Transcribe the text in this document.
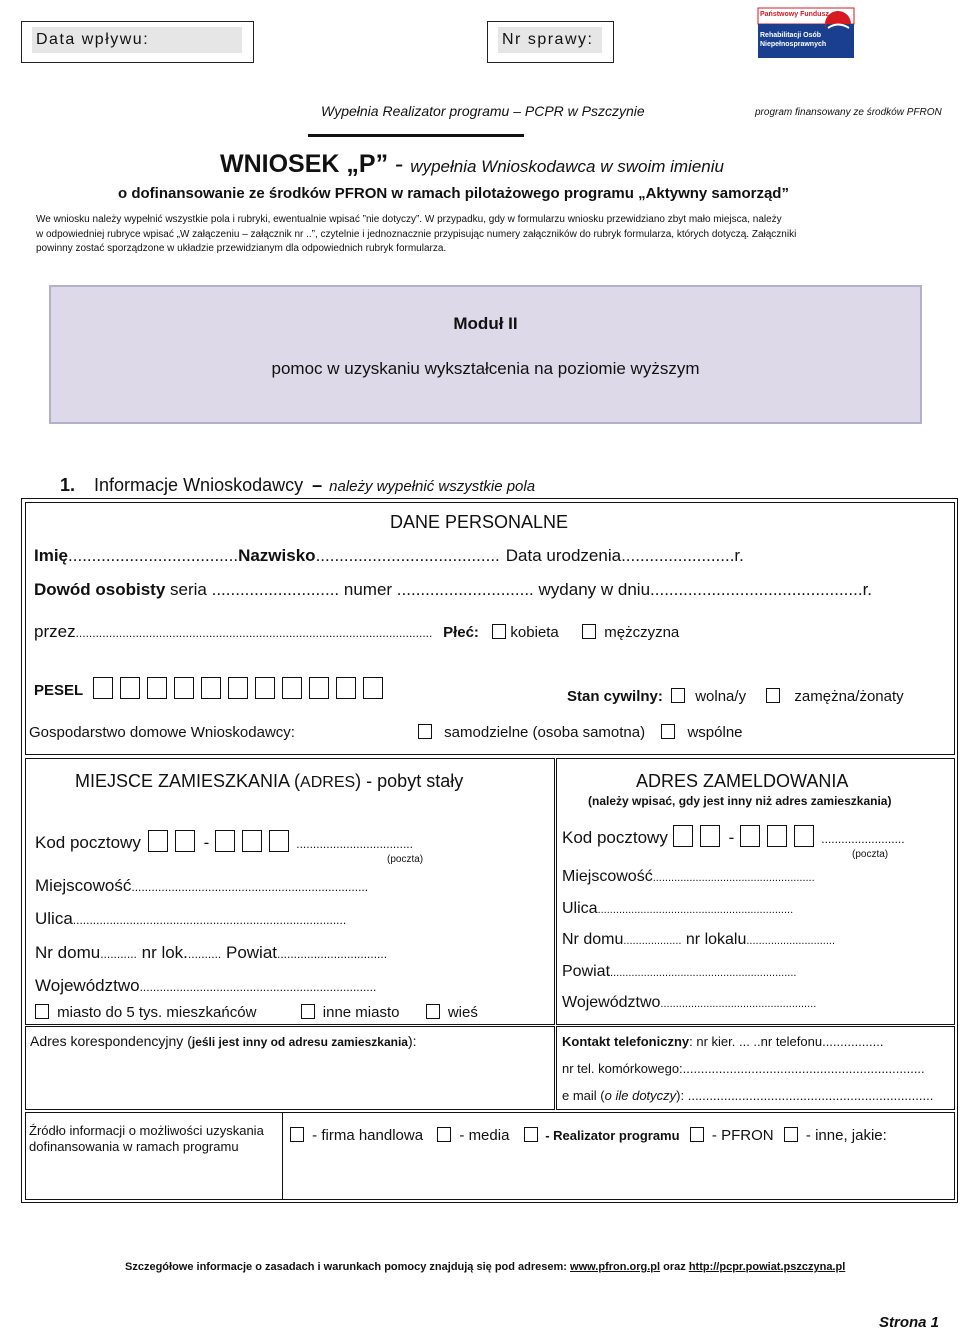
Data wpływu:	Nr sprawy:
Państwowy Fundusz
Rehabilitacji Osób
Niepełnosprawnych
Wypełnia Realizator programu – PCPR w Pszczynie	program finansowany ze środków PFRON
WNIOSEK „P” - wypełnia Wnioskodawca w swoim imieniu
o dofinansowanie ze środków PFRON w ramach pilotażowego programu „Aktywny samorząd”
We wniosku należy wypełnić wszystkie pola i rubryki, ewentualnie wpisać ”nie dotyczy”. W przypadku, gdy w formularzu wniosku przewidziano zbyt mało miejsca, należy
w odpowiedniej rubryce wpisać „W załączeniu – załącznik nr ..”, czytelnie i jednoznacznie przypisując numery załączników do rubryk formularza, których dotyczą. Załączniki
powinny zostać sporządzone w układzie przewidzianym dla odpowiednich rubryk formularza.
Moduł II
pomoc w uzyskaniu wykształcenia na poziomie wyższym
1. Informacje Wnioskodawcy – należy wypełnić wszystkie pola
DANE PERSONALNE
Imię....................................Nazwisko....................................... Data urodzenia........................r.
Dowód osobisty seria ........................... numer ............................. wydany w dniu.............................................r.
przez........................................................................................................... Płeć: kobieta	mężczyzna
PESEL	Stan cywilny: wolna/y	zamężna/żonaty
Gospodarstwo domowe Wnioskodawcy:	samodzielne (osoba samotna)	wspólne
MIEJSCE ZAMIESZKANIA (ADRES) - pobyt stały
Kod pocztowy	-	...................................
(poczta)
Miejscowość.......................................................................
Ulica..................................................................................
Nr domu........... nr lok........... Powiat.................................
Województwo.......................................................................
miasto do 5 tys. mieszkańców	inne miasto	wieś
ADRES ZAMELDOWANIA
(należy wpisać, gdy jest inny niż adres zamieszkania)
Kod pocztowy	-	.........................
(poczta)
Miejscowość.....................................................
Ulica................................................................
Nr domu................... nr lokalu.............................
Powiat.............................................................
Województwo...................................................
Adres korespondencyjny (jeśli jest inny od adresu zamieszkania):	Kontakt telefoniczny: nr kier. ... ..nr telefonu.................
nr tel. komórkowego:...................................................................
e mail (o ile dotyczy): ....................................................................
Źródło informacji o możliwości uzyskania
dofinansowania w ramach programu
- firma handlowa  - media  - Realizator programu  - PFRON  - inne, jakie:
Szczegółowe informacje o zasadach i warunkach pomocy znajdują się pod adresem: www.pfron.org.pl oraz http://pcpr.powiat.pszczyna.pl
Strona 1
